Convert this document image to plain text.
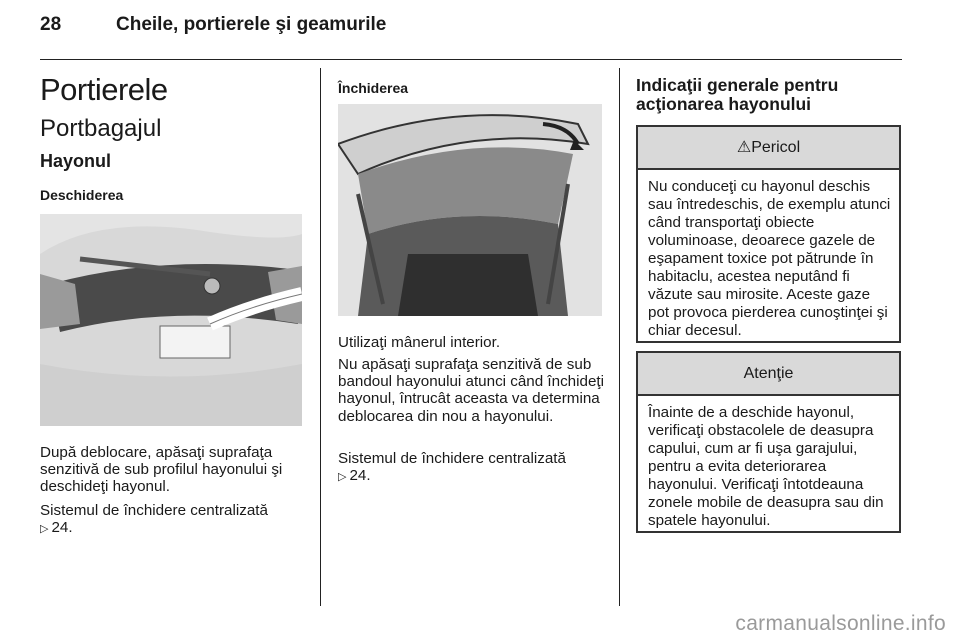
28	Cheile, portierele şi geamurile
Portierele
Portbagajul
Hayonul
Deschiderea
După deblocare, apăsaţi suprafaţa senzitivă de sub profilul hayonului şi deschideţi hayonul.
Sistemul de închidere centralizată
▷ 24.
Închiderea
Utilizaţi mânerul interior.
Nu apăsaţi suprafaţa senzitivă de sub bandoul hayonului atunci când închideţi hayonul, întrucât aceasta va determina deblocarea din nou a hayonului.
Sistemul de închidere centralizată
▷ 24.
Indicaţii generale pentru acţionarea hayonului
⚠Pericol
Nu conduceţi cu hayonul deschis sau întredeschis, de exemplu atunci când transportaţi obiecte voluminoase, deoarece gazele de eşapament toxice pot pătrunde în habitaclu, acestea neputând fi văzute sau mirosite. Aceste gaze pot provoca pierderea cunoştinţei şi chiar decesul.
Atenţie
Înainte de a deschide hayonul, verificaţi obstacolele de deasupra capului, cum ar fi uşa garajului, pentru a evita deteriorarea hayonului. Verificaţi întotdeauna zonele mobile de deasupra sau din spatele hayonului.
carmanualsonline.info
